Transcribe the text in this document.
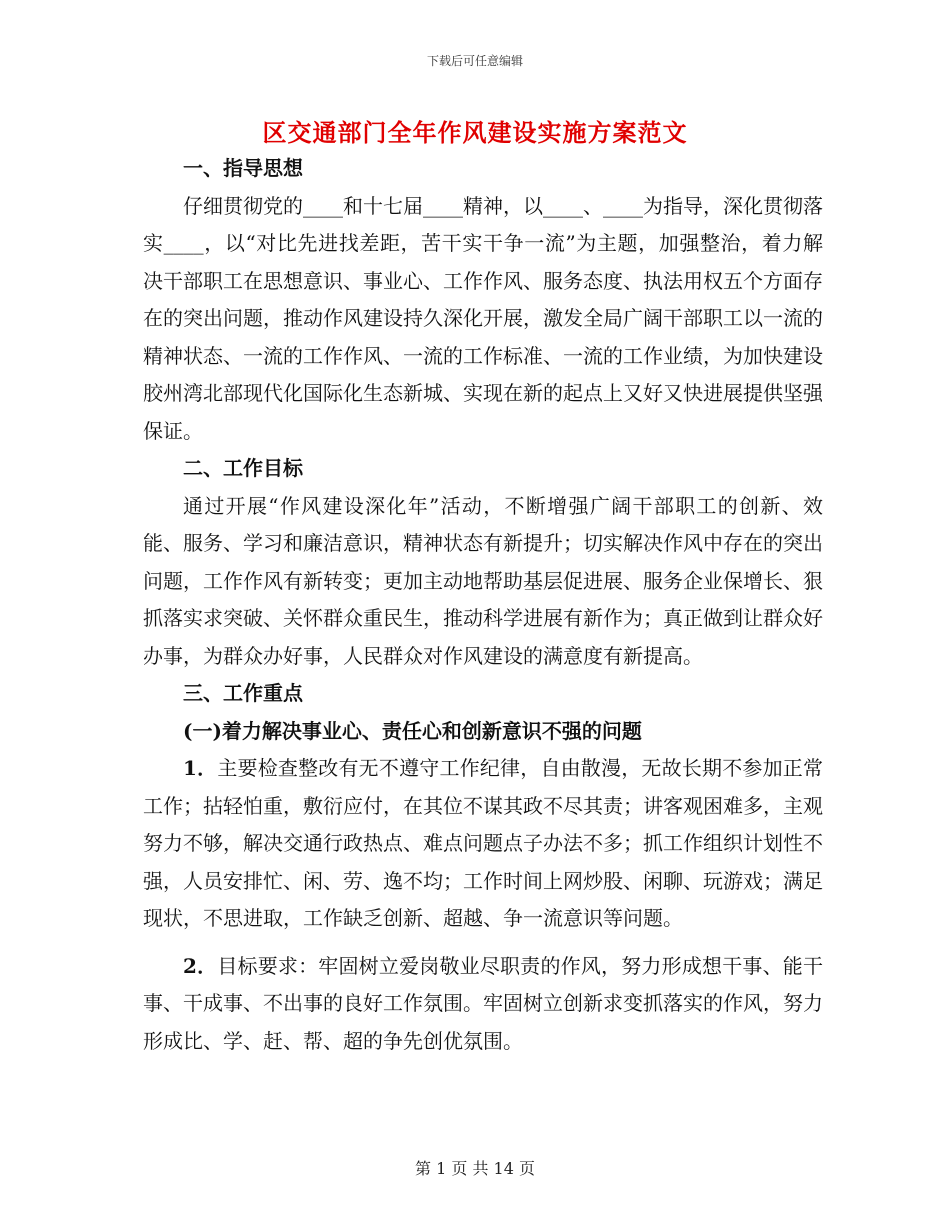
下载后可任意编辑
区交通部门全年作风建设实施方案范文

一、指导思想

仔细贯彻党的____和十七届____精神，以____、____为指导，深化贯彻落实____，以“对比先进找差距，苦干实干争一流”为主题，加强整治，着力解决干部职工在思想意识、事业心、工作作风、服务态度、执法用权五个方面存在的突出问题，推动作风建设持久深化开展，激发全局广阔干部职工以一流的精神状态、一流的工作作风、一流的工作标准、一流的工作业绩，为加快建设胶州湾北部现代化国际化生态新城、实现在新的起点上又好又快进展提供坚强保证。

二、工作目标

通过开展“作风建设深化年”活动，不断增强广阔干部职工的创新、效能、服务、学习和廉洁意识，精神状态有新提升；切实解决作风中存在的突出问题，工作作风有新转变；更加主动地帮助基层促进展、服务企业保增长、狠抓落实求突破、关怀群众重民生，推动科学进展有新作为；真正做到让群众好办事，为群众办好事，人民群众对作风建设的满意度有新提高。

三、工作重点

(一)着力解决事业心、责任心和创新意识不强的问题

1．主要检查整改有无不遵守工作纪律，自由散漫，无故长期不参加正常工作；拈轻怕重，敷衍应付，在其位不谋其政不尽其责；讲客观困难多，主观努力不够，解决交通行政热点、难点问题点子办法不多；抓工作组织计划性不强，人员安排忙、闲、劳、逸不均；工作时间上网炒股、闲聊、玩游戏；满足现状，不思进取，工作缺乏创新、超越、争一流意识等问题。

2．目标要求：牢固树立爱岗敬业尽职责的作风，努力形成想干事、能干事、干成事、不出事的良好工作氛围。牢固树立创新求变抓落实的作风，努力形成比、学、赶、帮、超的争先创优氛围。

第 1 页 共 14 页
